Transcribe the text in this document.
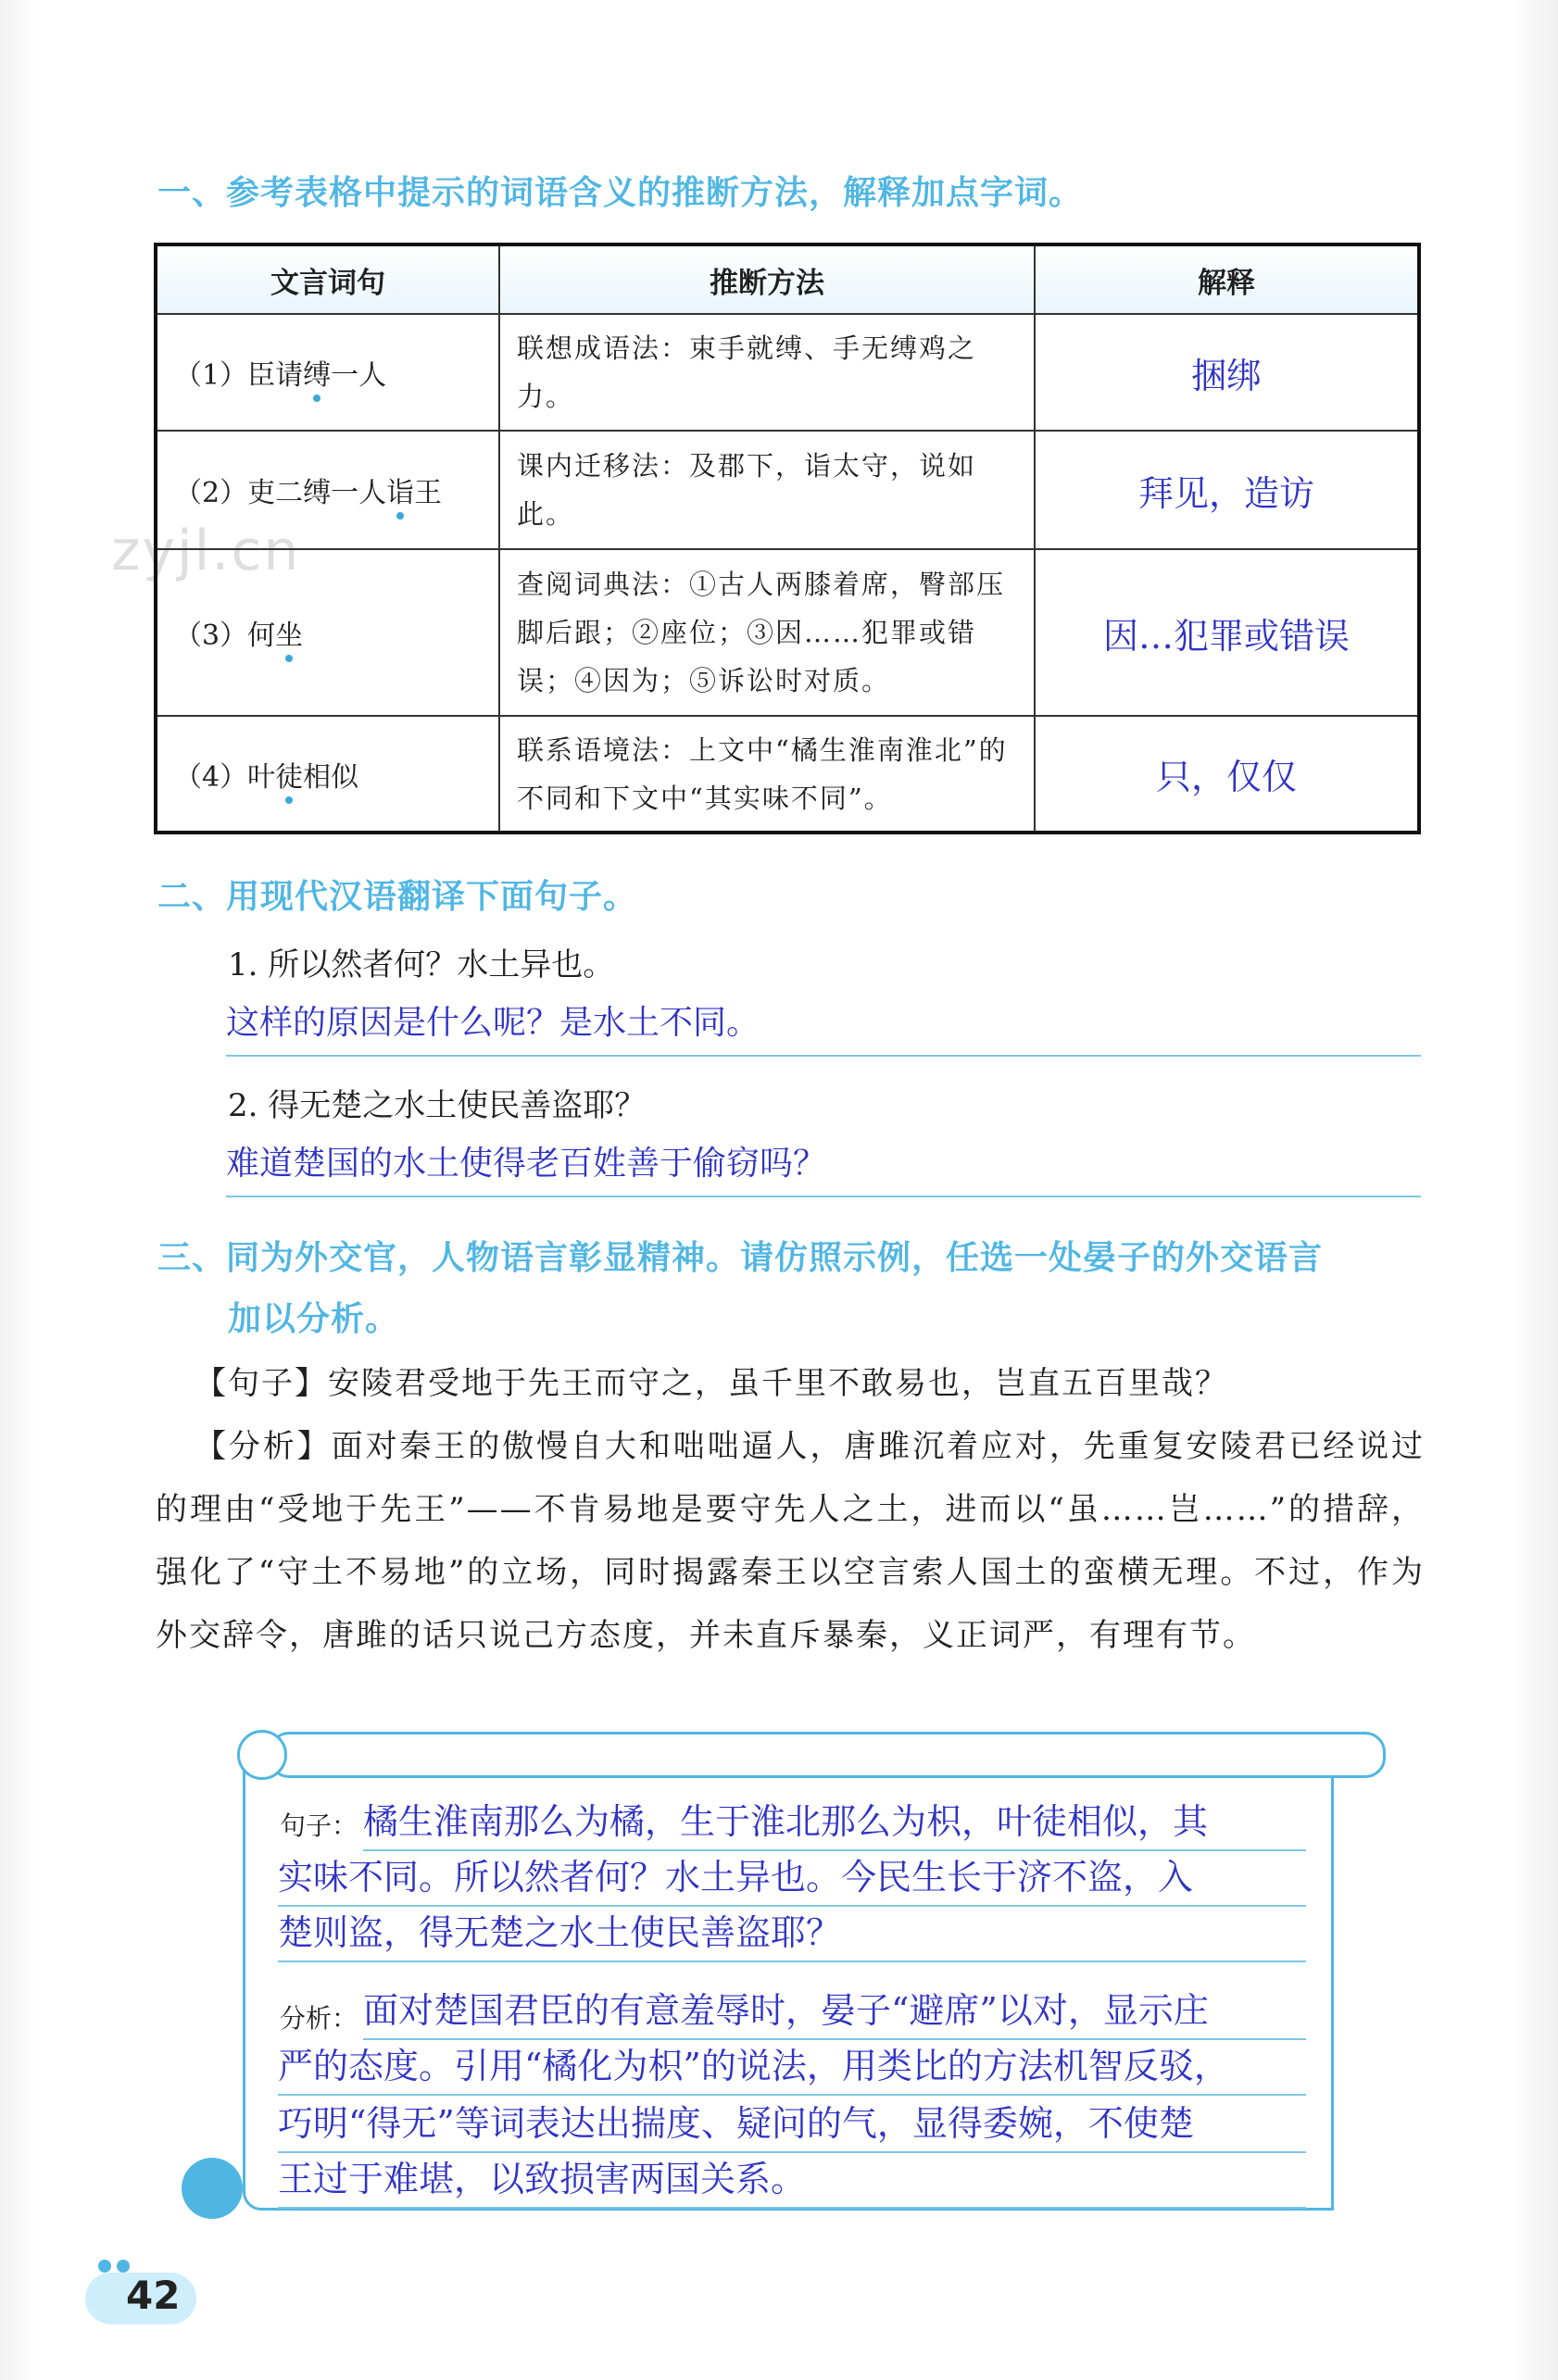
zyjl.cn
一、参考表格中提示的词语含义的推断方法，解释加点字词。
文言词句	推断方法	解释
（1）臣请缚一人	联想成语法：束手就缚、手无缚鸡之力。	捆绑
（2）吏二缚一人诣王	课内迁移法：及郡下，诣太守，说如此。	拜见，造访
（3）何坐	查阅词典法：①古人两膝着席，臀部压脚后跟；②座位；③因……犯罪或错误；④因为；⑤诉讼时对质。	因…犯罪或错误
（4）叶徒相似	联系语境法：上文中“橘生淮南淮北”的不同和下文中“其实味不同”。	只，仅仅
二、用现代汉语翻译下面句子。
1. 所以然者何？水土异也。
这样的原因是什么呢？是水土不同。
2. 得无楚之水土使民善盗耶？
难道楚国的水土使得老百姓善于偷窃吗？
三、同为外交官，人物语言彰显精神。请仿照示例，任选一处晏子的外交语言
加以分析。
【句子】安陵君受地于先王而守之，虽千里不敢易也，岂直五百里哉？
【分析】面对秦王的傲慢自大和咄咄逼人，唐雎沉着应对，先重复安陵君已经说过的理由“受地于先王”——不肯易地是要守先人之土，进而以“虽……岂……”的措辞，强化了“守土不易地”的立场，同时揭露秦王以空言索人国土的蛮横无理。不过，作为外交辞令，唐雎的话只说己方态度，并未直斥暴秦，义正词严，有理有节。
句子： 橘生淮南那么为橘，生于淮北那么为枳，叶徒相似，其
实味不同。所以然者何？水土异也。今民生长于济不盗，入
楚则盗，得无楚之水土使民善盗耶？
分析： 面对楚国君臣的有意羞辱时，晏子“避席”以对，显示庄
严的态度。引用“橘化为枳”的说法，用类比的方法机智反驳，
巧明“得无”等词表达出揣度、疑问的气，显得委婉，不使楚
王过于难堪，以致损害两国关系。
42
